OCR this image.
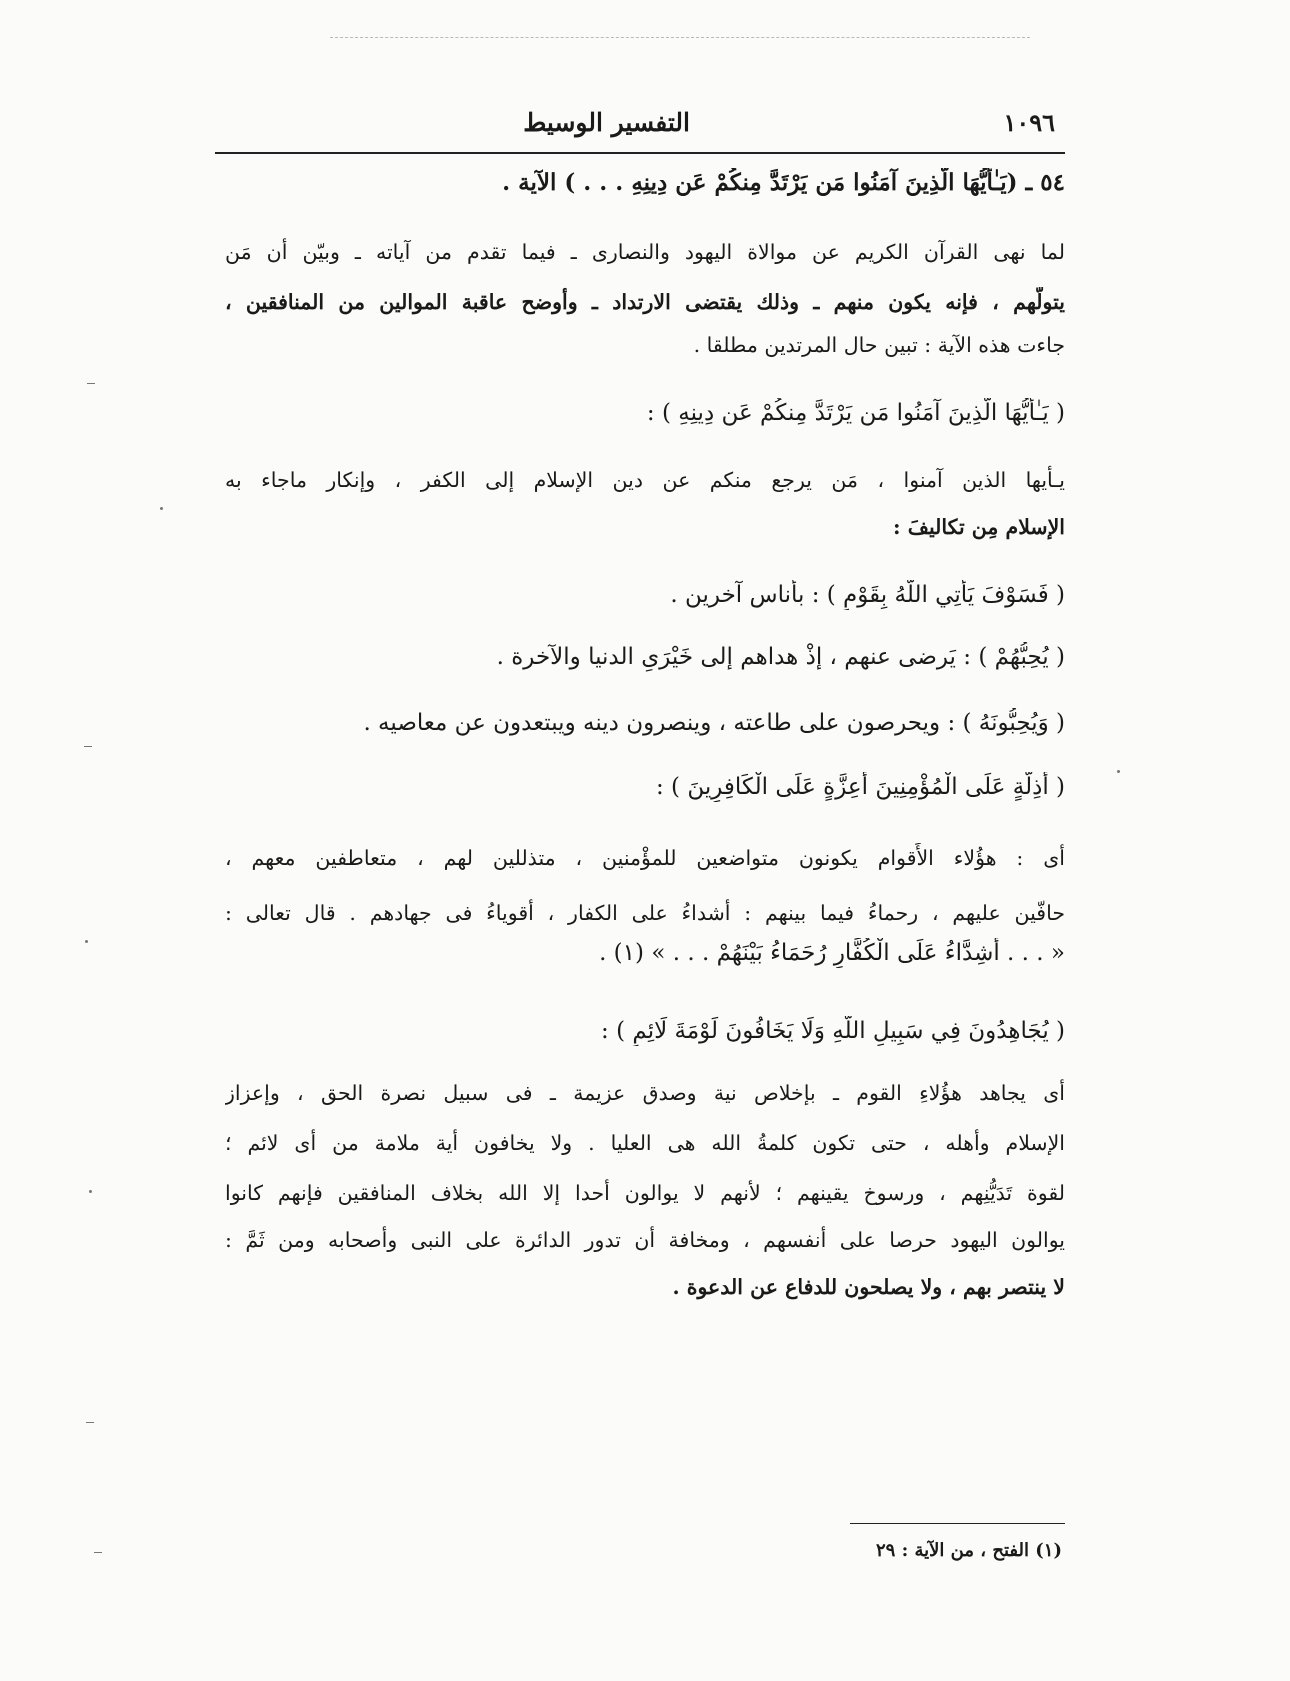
١٠٩٦
التفسير الوسيط
٥٤ ـ (يَـٰأَيُّهَا الَّذِينَ آمَنُوا مَن يَرْتَدَّ مِنكُمْ عَن دِينِهِ . . . ) الآية .
لما نهى القرآن الكريم عن موالاة اليهود والنصارى ـ فيما تقدم من آياته ـ وبيّن أن مَن
يتولّهم ، فإنه يكون منهم ـ وذلك يقتضى الارتداد ـ وأوضح عاقبة الموالين من المنافقين ،
جاءت هذه الآية : تبين حال المرتدين مطلقا .
( يَـٰأَيُّهَا الَّذِينَ آمَنُوا مَن يَرْتَدَّ مِنكُمْ عَن دِينِهِ ) :
يـأيها الذين آمنوا ، مَن يرجع منكم عن دين الإسلام إلى الكفر ، وإنكار ماجاء به
الإسلام مِن تكاليفَ :
( فَسَوْفَ يَأْتِي اللَّهُ بِقَوْمٍ ) : بأُناس آخرين .
( يُحِبُّهُمْ ) : يَرضى عنهم ، إذْ هداهم إلى خَيْرَىِ الدنيا والآخرة .
( وَيُحِبُّونَهُ ) : ويحرصون على طاعته ، وينصرون دينه ويبتعدون عن معاصيه .
( أَذِلَّةٍ عَلَى الْمُؤْمِنِينَ أَعِزَّةٍ عَلَى الْكَافِرِينَ ) :
أى : هؤُلاء الأَقوام يكونون متواضعين للمؤْمنين ، متذللين لهم ، متعاطفين معهم ،
حافّين عليهم ، رحماءُ فيما بينهم : أشداءُ على الكفار ، أقوياءُ فى جهادهم . قال تعالى :
« . . . أَشِدَّاءُ عَلَى الْكُفَّارِ رُحَمَاءُ بَيْنَهُمْ . . . » (١) .
( يُجَاهِدُونَ فِي سَبِيلِ اللَّهِ وَلَا يَخَافُونَ لَوْمَةَ لَائِمٍ ) :
أى يجاهد هؤُلاءِ القوم ـ بإخلاص نية وصدق عزيمة ـ فى سبيل نصرة الحق ، وإعزاز
الإسلام وأهله ، حتى تكون كلمةُ الله هى العليا . ولا يخافون أية ملامة من أى لائم ؛
لقوة تَدَيُّنِهم ، ورسوخ يقينهم ؛ لأنهم لا يوالون أحدا إلا الله بخلاف المنافقين فإنهم كانوا
يوالون اليهود حرصا على أنفسهم ، ومخافة أن تدور الدائرة على النبى وأصحابه ومن ثَمَّ :
لا ينتصر بهم ، ولا يصلحون للدفاع عن الدعوة .
(١) الفتح ، من الآية : ٢٩
